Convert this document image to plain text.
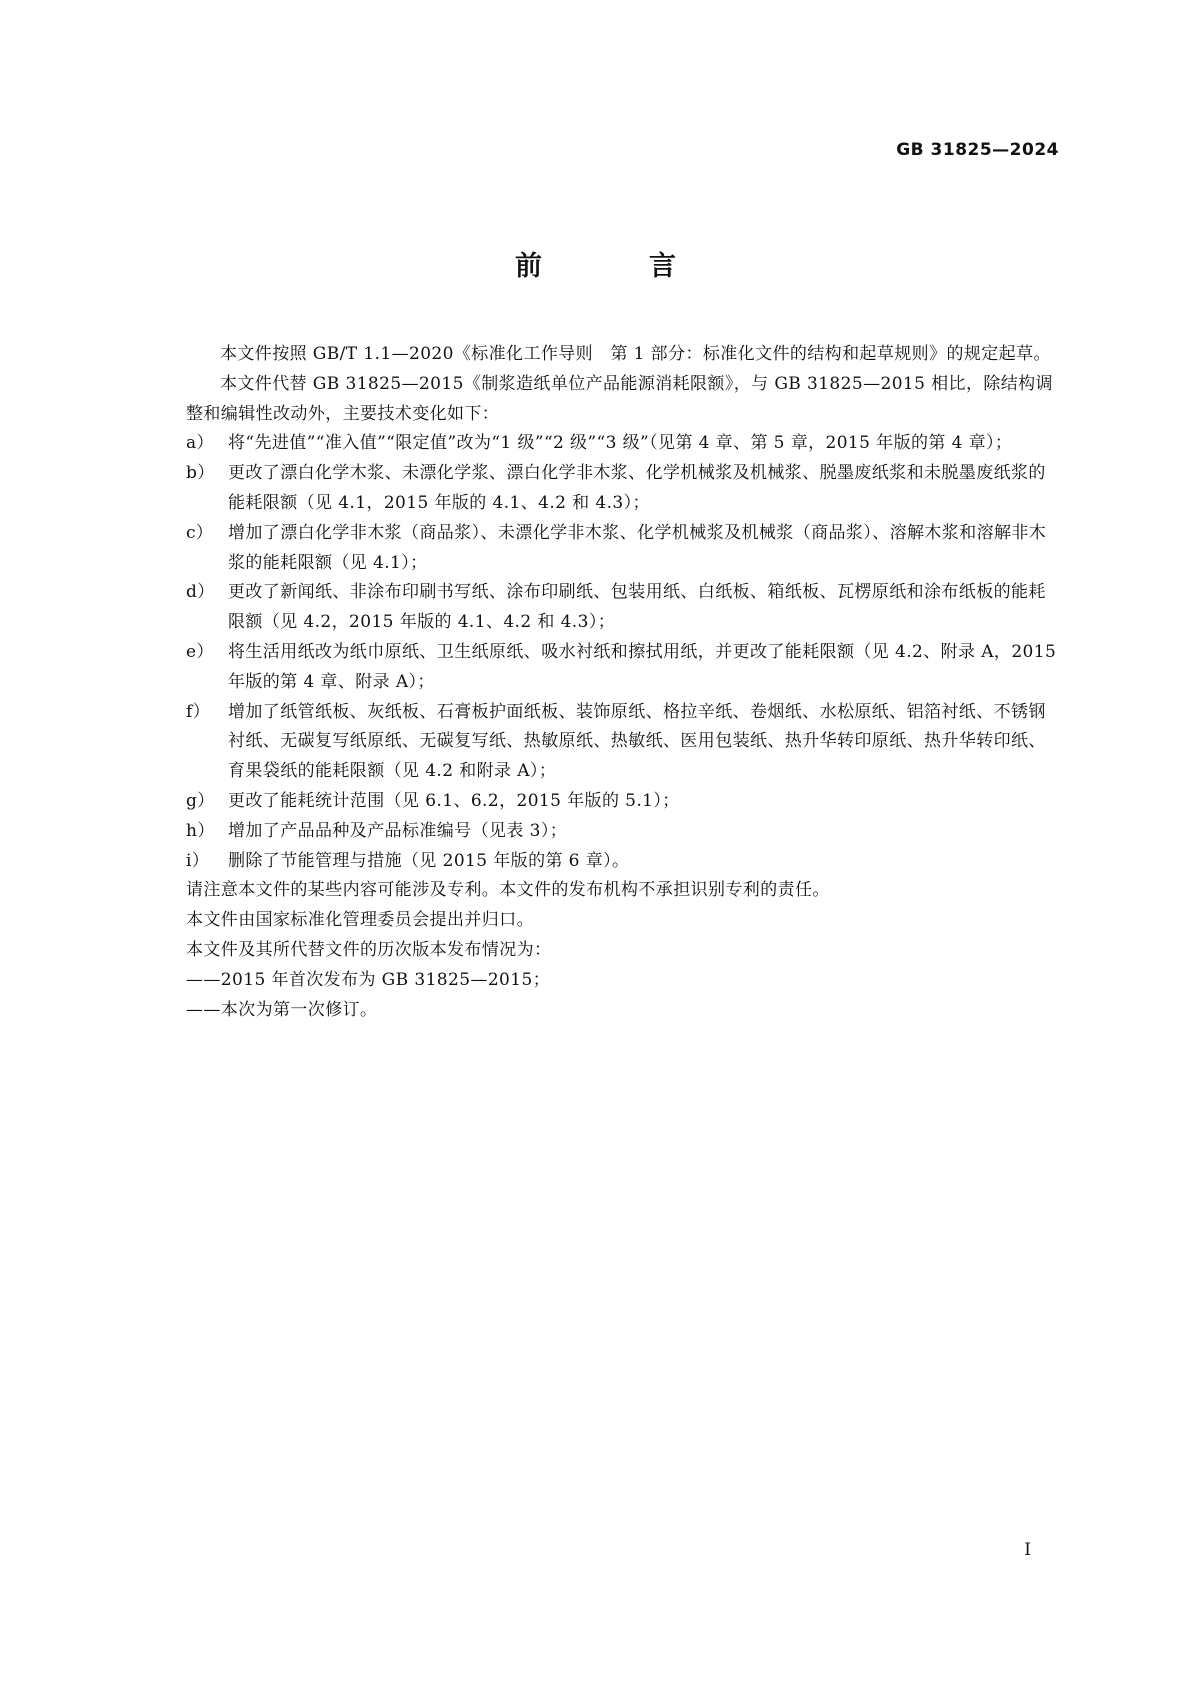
GB 31825—2024
前　言

本文件按照 GB/T 1.1—2020《标准化工作导则　第 1 部分：标准化文件的结构和起草规则》的规定起草。

本文件代替 GB 31825—2015《制浆造纸单位产品能源消耗限额》，与 GB 31825—2015 相比，除结构调整和编辑性改动外，主要技术变化如下：

a） 将“先进值”“准入值”“限定值”改为“1 级”“2 级”“3 级”（见第 4 章、第 5 章，2015 年版的第 4 章）；
b） 更改了漂白化学木浆、未漂化学浆、漂白化学非木浆、化学机械浆及机械浆、脱墨废纸浆和未脱墨废纸浆的能耗限额（见 4.1，2015 年版的 4.1、4.2 和 4.3）；
c） 增加了漂白化学非木浆（商品浆）、未漂化学非木浆、化学机械浆及机械浆（商品浆）、溶解木浆和溶解非木浆的能耗限额（见 4.1）；
d） 更改了新闻纸、非涂布印刷书写纸、涂布印刷纸、包装用纸、白纸板、箱纸板、瓦楞原纸和涂布纸板的能耗限额（见 4.2，2015 年版的 4.1、4.2 和 4.3）；
e） 将生活用纸改为纸巾原纸、卫生纸原纸、吸水衬纸和擦拭用纸，并更改了能耗限额（见 4.2、附录 A，2015 年版的第 4 章、附录 A）；
f）	增加了纸管纸板、灰纸板、石膏板护面纸板、装饰原纸、格拉辛纸、卷烟纸、水松原纸、铝箔衬纸、不锈钢衬纸、无碳复写纸原纸、无碳复写纸、热敏原纸、热敏纸、医用包装纸、热升华转印原纸、热升华转印纸、育果袋纸的能耗限额（见 4.2 和附录 A）；
g） 更改了能耗统计范围（见 6.1、6.2，2015 年版的 5.1）；
h） 增加了产品品种及产品标准编号（见表 3）；
i）	删除了节能管理与措施（见 2015 年版的第 6 章）。

请注意本文件的某些内容可能涉及专利。本文件的发布机构不承担识别专利的责任。

本文件由国家标准化管理委员会提出并归口。

本文件及其所代替文件的历次版本发布情况为：

——2015 年首次发布为 GB 31825—2015；

——本次为第一次修订。

I
